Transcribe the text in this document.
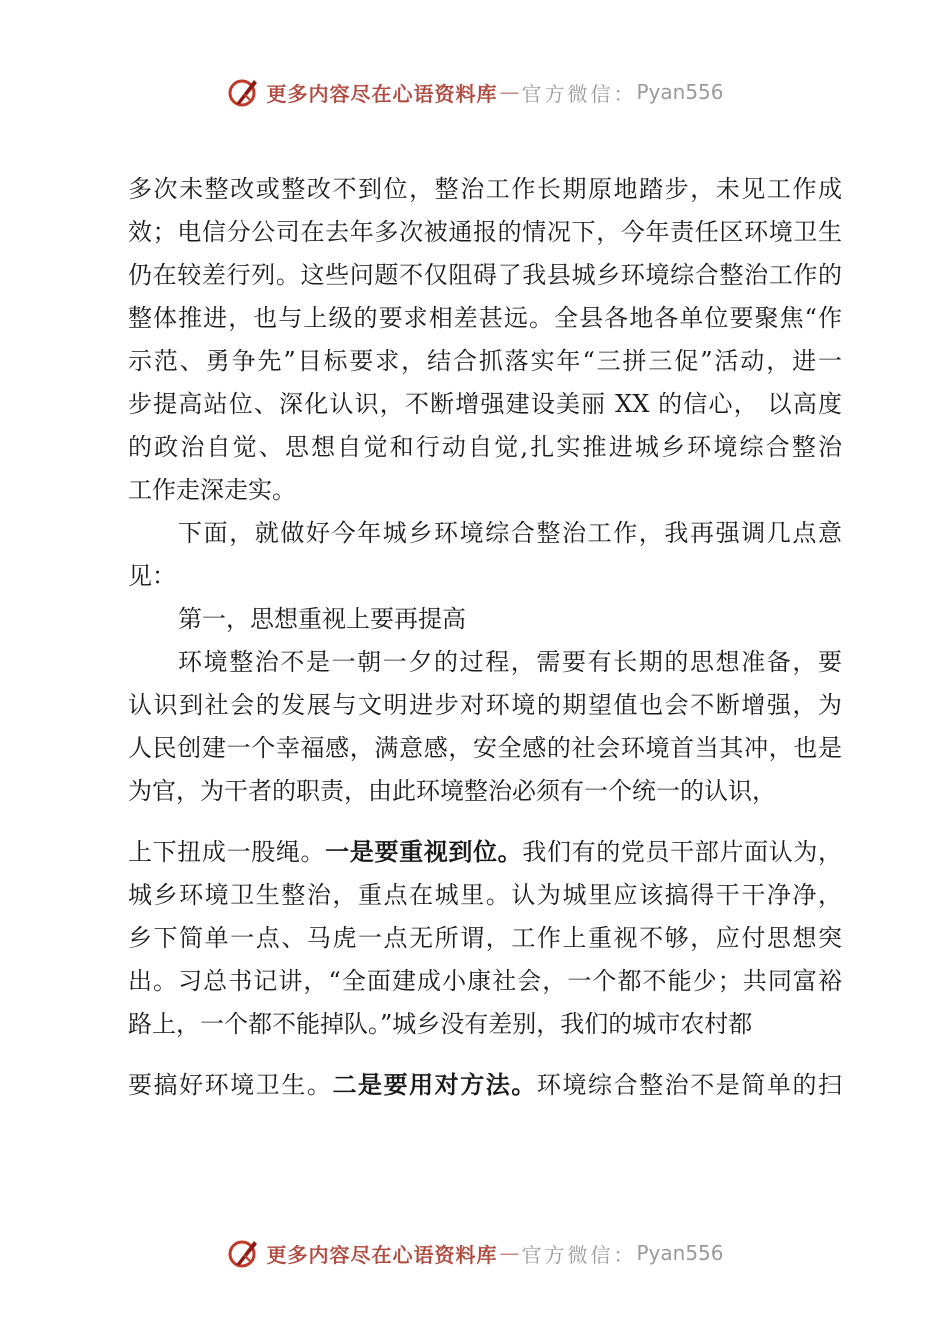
更多内容尽在心语资料库 — 官方微信： Pyan556
多次未整改或整改不到位，整治工作长期原地踏步，未见工作成
效；电信分公司在去年多次被通报的情况下，今年责任区环境卫生
仍在较差行列。这些问题不仅阻碍了我县城乡环境综合整治工作的
整体推进，也与上级的要求相差甚远。全县各地各单位要聚焦“作
示范、勇争先”目标要求，结合抓落实年“三拼三促”活动，进一
步提高站位、深化认识，不断增强建设美丽 XX 的信心， 以高度
的政治自觉、思想自觉和行动自觉,扎实推进城乡环境综合整治
工作走深走实。
下面，就做好今年城乡环境综合整治工作，我再强调几点意
见：
第一，思想重视上要再提高
环境整治不是一朝一夕的过程，需要有长期的思想准备，要
认识到社会的发展与文明进步对环境的期望值也会不断增强，为
人民创建一个幸福感，满意感，安全感的社会环境首当其冲，也是
为官，为干者的职责，由此环境整治必须有一个统一的认识，
上下扭成一股绳。一是要重视到位。我们有的党员干部片面认为，
城乡环境卫生整治，重点在城里。认为城里应该搞得干干净净，
乡下简单一点、马虎一点无所谓，工作上重视不够，应付思想突
出。习总书记讲，“全面建成小康社会，一个都不能少；共同富裕
路上，一个都不能掉队。”城乡没有差别，我们的城市农村都
要搞好环境卫生。二是要用对方法。环境综合整治不是简单的扫
更多内容尽在心语资料库 — 官方微信： Pyan556
